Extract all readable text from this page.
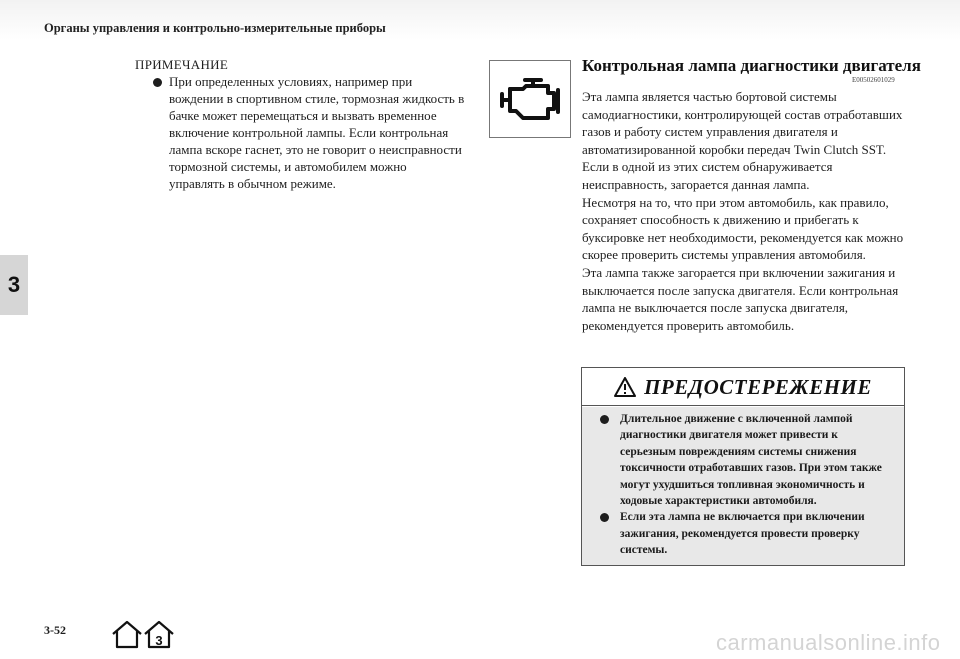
Органы управления и контрольно-измерительные приборы
3
ПРИМЕЧАНИЕ
При определенных условиях, например при вождении в спортивном стиле, тормозная жидкость в бачке может перемещаться и вызвать временное включение контрольной лампы. Если контрольная лампа вскоре гаснет, это не говорит о неисправности тормозной системы, и автомобилем можно управлять в обычном режиме.
Контрольная лампа диагностики двигателя
E00502601029

Эта лампа является частью бортовой системы самодиагностики, контролирующей состав отработавших газов и работу систем управления двигателя и автоматизированной коробки передач Twin Clutch SST. Если в одной из этих систем обнаруживается неисправность, загорается данная лампа.

Несмотря на то, что при этом автомобиль, как правило, сохраняет способность к движению и прибегать к буксировке нет необходимости, рекомендуется как можно скорее проверить системы управления автомобиля.

Эта лампа также загорается при включении зажигания и выключается после запуска двигателя. Если контрольная лампа не выключается после запуска двигателя, рекомендуется проверить автомобиль.

ПРЕДОСТЕРЕЖЕНИЕ
Длительное движение с включенной лампой диагностики двигателя может привести к серьезным повреждениям системы снижения токсичности отработавших газов. При этом также могут ухудшиться топливная экономичность и ходовые характеристики автомобиля.
Если эта лампа не включается при включении зажигания, рекомендуется провести проверку системы.
3-52
3	carmanualsonline.info
